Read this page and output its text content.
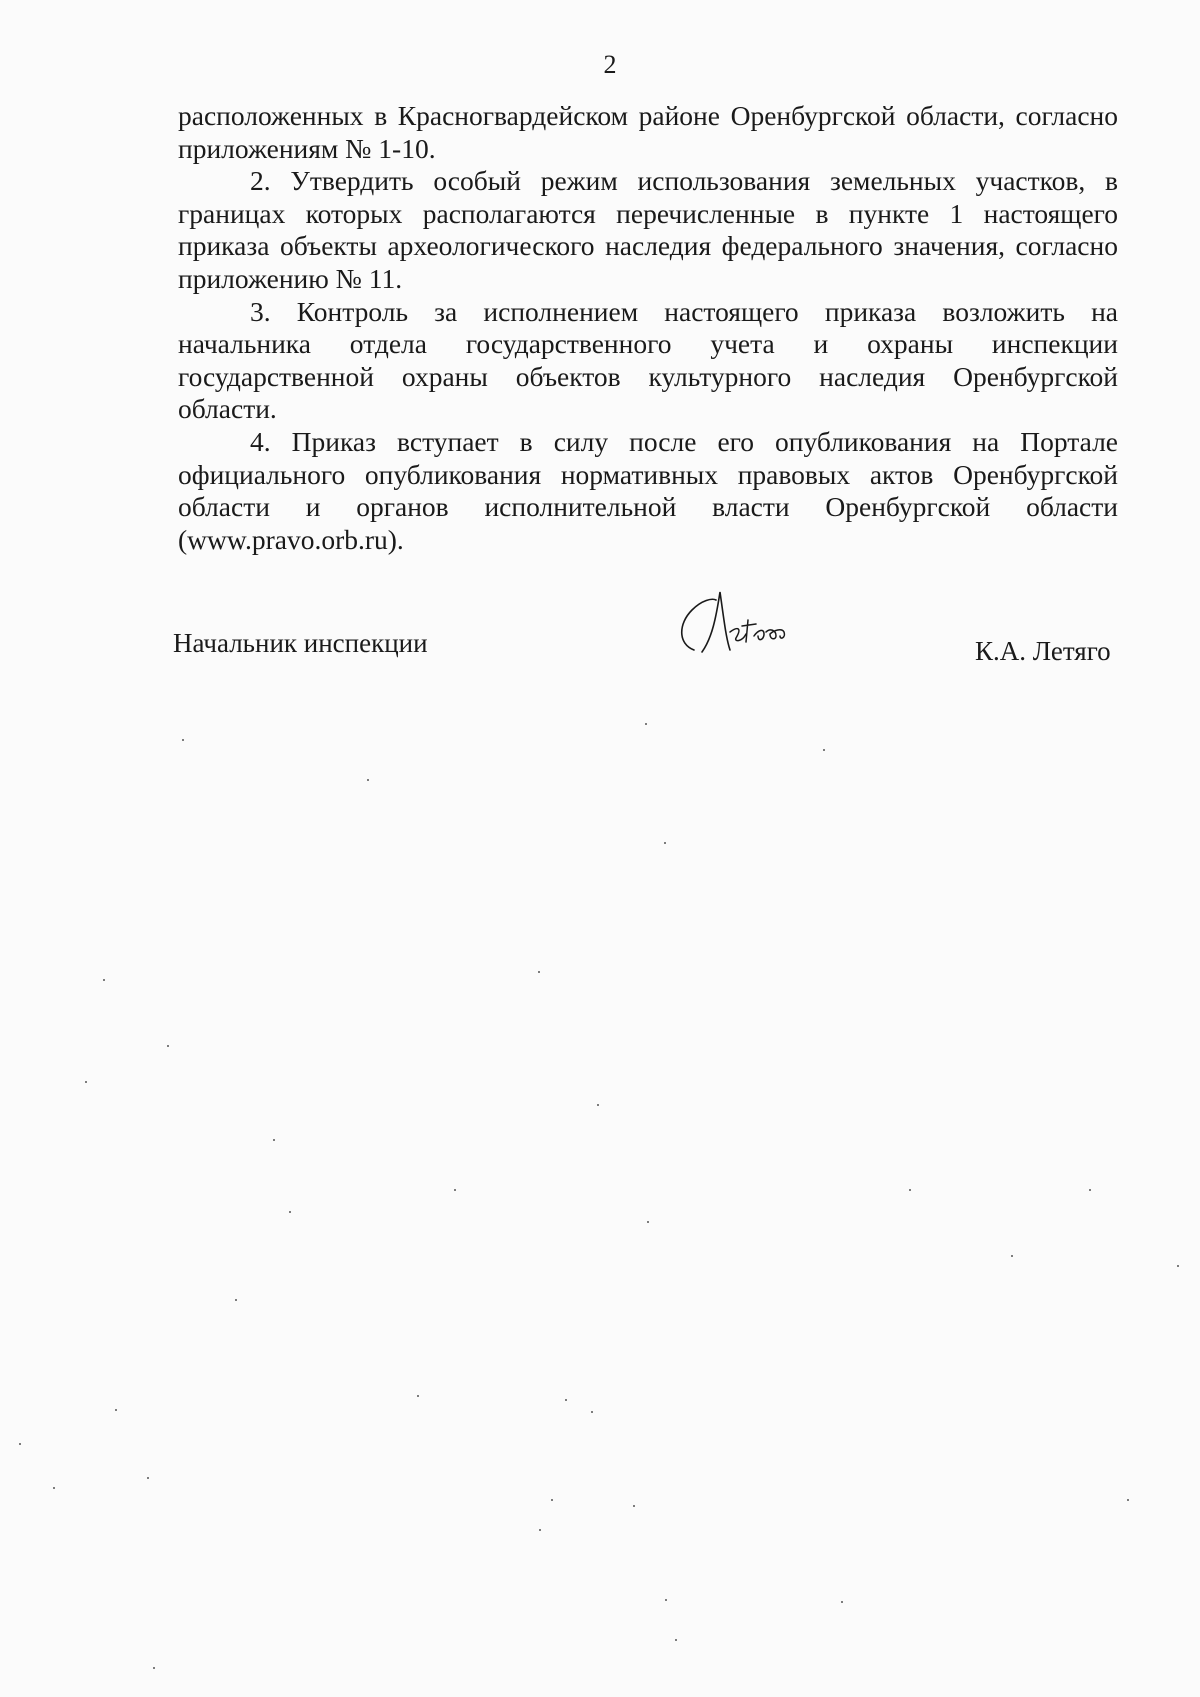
2

расположенных в Красногвардейском районе Оренбургской области, согласно приложениям № 1-10.

2. Утвердить особый режим использования земельных участков, в границах которых располагаются перечисленные в пункте 1 настоящего приказа объекты археологического наследия федерального значения, согласно приложению № 11.

3. Контроль за исполнением настоящего приказа возложить на начальника отдела государственного учета и охраны инспекции государственной охраны объектов культурного наследия Оренбургской области.

4. Приказ вступает в силу после его опубликования на Портале официального опубликования нормативных правовых актов Оренбургской области и органов исполнительной власти Оренбургской области (www.pravo.orb.ru).

Начальник инспекции	К.А. Летяго
